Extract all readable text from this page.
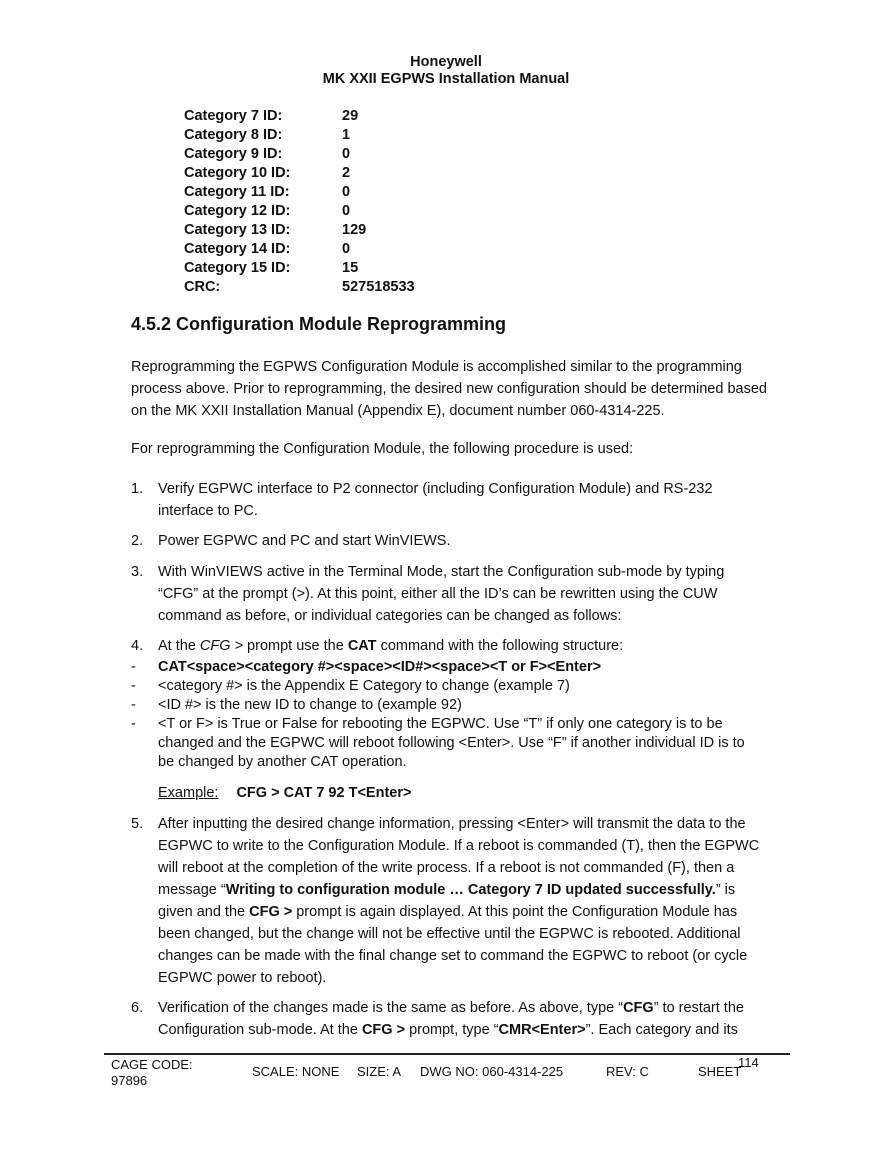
Honeywell
MK XXII EGPWS Installation Manual
Category 7 ID:	29
Category 8 ID:	1
Category 9 ID:	0
Category 10 ID:	2
Category 11 ID:	0
Category 12 ID:	0
Category 13 ID:	129
Category 14 ID:	0
Category 15 ID:	15
CRC:	527518533
4.5.2 Configuration Module Reprogramming

Reprogramming the EGPWS Configuration Module is accomplished similar to the programming process above. Prior to reprogramming, the desired new configuration should be determined based on the MK XXII Installation Manual (Appendix E), document number 060-4314-225.

For reprogramming the Configuration Module, the following procedure is used:

1. Verify EGPWC interface to P2 connector (including Configuration Module) and RS-232 interface to PC.
2. Power EGPWC and PC and start WinVIEWS.
3. With WinVIEWS active in the Terminal Mode, start the Configuration sub-mode by typing “CFG” at the prompt (>). At this point, either all the ID’s can be rewritten using the CUW command as before, or individual categories can be changed as follows:
4. At the CFG > prompt use the CAT command with the following structure:
- CAT<space><category #><space><ID#><space><T or F><Enter>
- <category #> is the Appendix E Category to change (example 7)
- <ID #> is the new ID to change to (example 92)
- <T or F> is True or False for rebooting the EGPWC. Use “T” if only one category is to be changed and the EGPWC will reboot following <Enter>. Use “F” if another individual ID is to be changed by another CAT operation.
Example: CFG > CAT 7 92 T<Enter>
5. After inputting the desired change information, pressing <Enter> will transmit the data to the EGPWC to write to the Configuration Module. If a reboot is commanded (T), then the EGPWC will reboot at the completion of the write process. If a reboot is not commanded (F), then a message “Writing to configuration module … Category 7 ID updated successfully.” is given and the CFG > prompt is again displayed. At this point the Configuration Module has been changed, but the change will not be effective until the EGPWC is rebooted. Additional changes can be made with the final change set to command the EGPWC to reboot (or cycle EGPWC power to reboot).
6. Verification of the changes made is the same as before. As above, type “CFG” to restart the Configuration sub-mode. At the CFG > prompt, type “CMR<Enter>”. Each category and its
CAGE CODE:
97896
SCALE: NONE SIZE: A DWG NO: 060-4314-225	REV: C	SHEET
114
